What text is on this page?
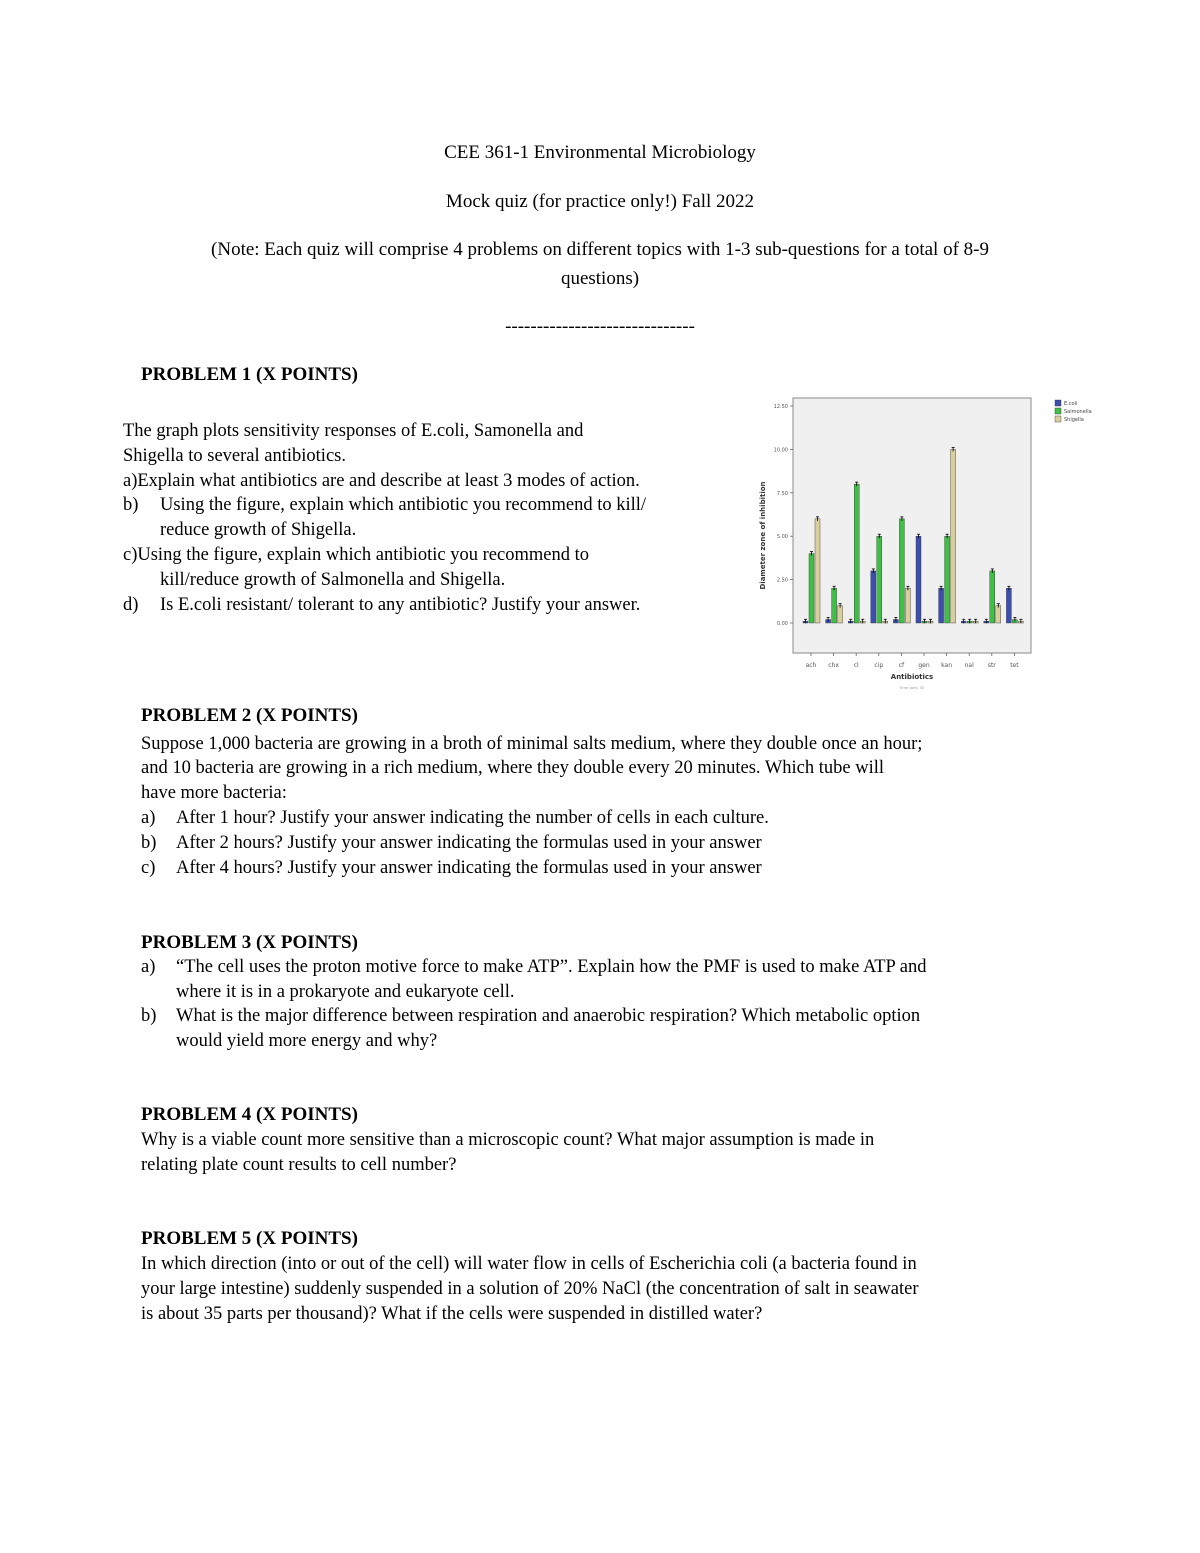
CEE 361-1 Environmental Microbiology
Mock quiz (for practice only!) Fall 2022
(Note: Each quiz will comprise 4 problems on different topics with 1-3 sub-questions for a total of 8-9
questions)
------------------------------
PROBLEM 1 (X POINTS)
The graph plots sensitivity responses of E.coli, Samonella and
Shigella to several antibiotics.
a)Explain what antibiotics are and describe at least 3 modes of action.
b) Using the figure, explain which antibiotic you recommend to kill/
reduce growth of Shigella.
c)Using the figure, explain which antibiotic you recommend to
kill/reduce growth of Salmonella and Shigella.
d) Is E.coli resistant/ tolerant to any antibiotic? Justify your answer.
0.00
2.50
5.00
7.50
10.00
12.50
Diameter zone of inhibition
ach chx cl	cip	cf gen kan nal str tet
Antibiotics
Error bars: SE
E.coli
Salmonella
Shigella
PROBLEM 2 (X POINTS)
Suppose 1,000 bacteria are growing in a broth of minimal salts medium, where they double once an hour;
and 10 bacteria are growing in a rich medium, where they double every 20 minutes. Which tube will
have more bacteria:
a) After 1 hour? Justify your answer indicating the number of cells in each culture.
b) After 2 hours? Justify your answer indicating the formulas used in your answer
c) After 4 hours? Justify your answer indicating the formulas used in your answer
PROBLEM 3 (X POINTS)
a) “The cell uses the proton motive force to make ATP”. Explain how the PMF is used to make ATP and
where it is in a prokaryote and eukaryote cell.
b) What is the major difference between respiration and anaerobic respiration? Which metabolic option
would yield more energy and why?
PROBLEM 4 (X POINTS)
Why is a viable count more sensitive than a microscopic count? What major assumption is made in
relating plate count results to cell number?
PROBLEM 5 (X POINTS)
In which direction (into or out of the cell) will water flow in cells of Escherichia coli (a bacteria found in
your large intestine) suddenly suspended in a solution of 20% NaCl (the concentration of salt in seawater
is about 35 parts per thousand)? What if the cells were suspended in distilled water?
